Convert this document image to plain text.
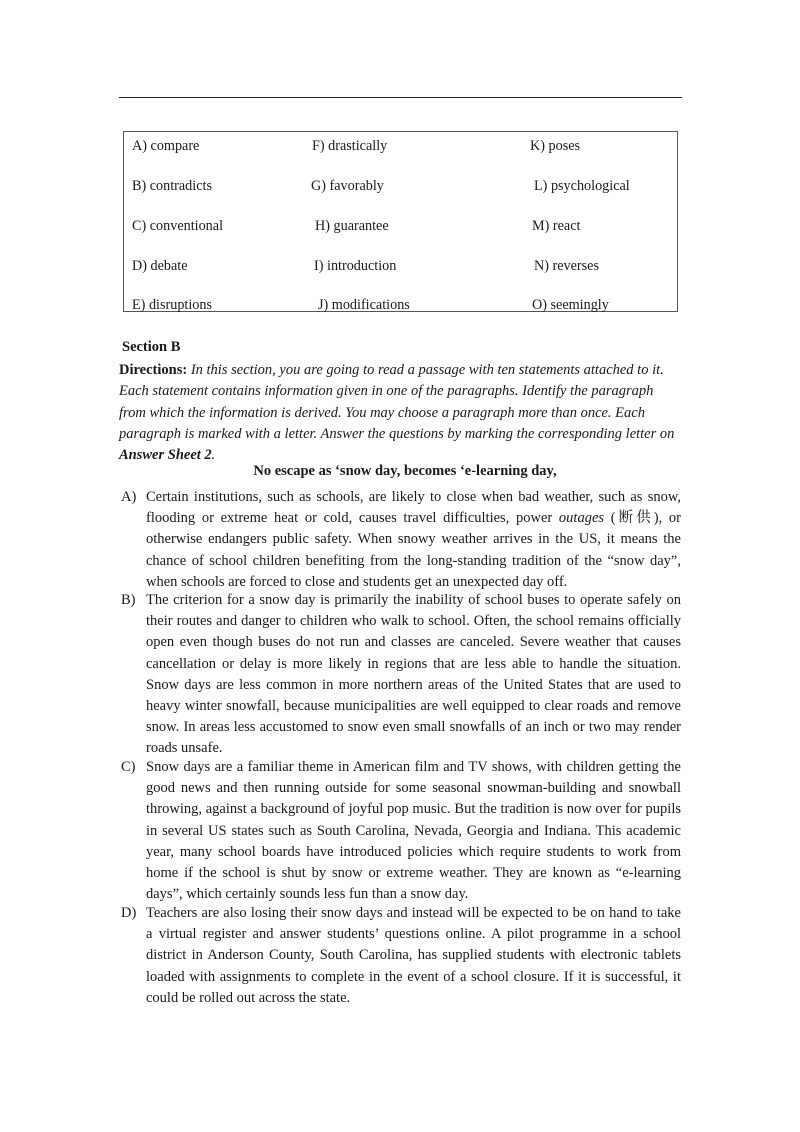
A) compare	F) drastically	K) poses
B) contradicts	G) favorably	L) psychological
C) conventional	H) guarantee	M) react
D) debate	I) introduction	N) reverses
E) disruptions	J) modifications	O) seemingly
Section B
Directions: In this section, you are going to read a passage with ten statements attached to it. Each statement contains information given in one of the paragraphs. Identify the paragraph from which the information is derived. You may choose a paragraph more than once. Each paragraph is marked with a letter. Answer the questions by marking the corresponding letter on Answer Sheet 2.
No escape as ‘snow day, becomes ‘e-learning day,
A) Certain institutions, such as schools, are likely to close when bad weather, such as snow, flooding or extreme heat or cold, causes travel difficulties, power outages (断供), or otherwise endangers public safety. When snowy weather arrives in the US, it means the chance of school children benefiting from the long-standing tradition of the “snow day”, when schools are forced to close and students get an unexpected day off.
B) The criterion for a snow day is primarily the inability of school buses to operate safely on their routes and danger to children who walk to school. Often, the school remains officially open even though buses do not run and classes are canceled. Severe weather that causes cancellation or delay is more likely in regions that are less able to handle the situation. Snow days are less common in more northern areas of the United States that are used to heavy winter snowfall, because municipalities are well equipped to clear roads and remove snow. In areas less accustomed to snow even small snowfalls of an inch or two may render roads unsafe.
C) Snow days are a familiar theme in American film and TV shows, with children getting the good news and then running outside for some seasonal snowman-building and snowball throwing, against a background of joyful pop music. But the tradition is now over for pupils in several US states such as South Carolina, Nevada, Georgia and Indiana. This academic year, many school boards have introduced policies which require students to work from home if the school is shut by snow or extreme weather. They are known as “e-learning days”, which certainly sounds less fun than a snow day.
D) Teachers are also losing their snow days and instead will be expected to be on hand to take a virtual register and answer students’ questions online. A pilot programme in a school district in Anderson County, South Carolina, has supplied students with electronic tablets loaded with assignments to complete in the event of a school closure. If it is successful, it could be rolled out across the state.
